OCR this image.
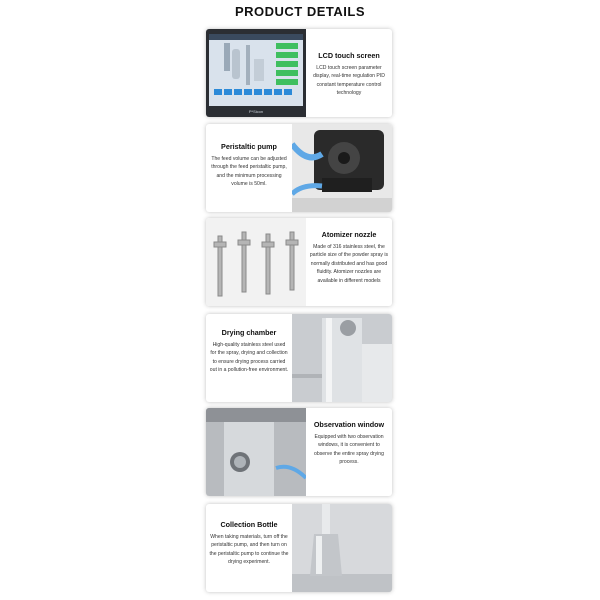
PRODUCT DETAILS
P*Sicon
LCD touch screen
LCD touch screen parameter display, real-time regulation PID constant temperature control technology
Peristaltic pump
The feed volume can be adjusted through the feed peristaltic pump, and the minimum processing volume is 50ml.
Atomizer nozzle
Made of 316 stainless steel, the particle size of the powder spray is normally distributed and has good fluidity. Atomizer nozzles are available in different models
Drying chamber
High-quality stainless steel used for the spray, drying and collection to ensure drying process carried out in a pollution-free environment.
Observation window
Equipped with two observation windows, it is convenient to observe the entire spray drying process.
Collection Bottle
When taking materials, turn off the peristaltic pump, and then turn on the peristaltic pump to continue the drying experiment.
